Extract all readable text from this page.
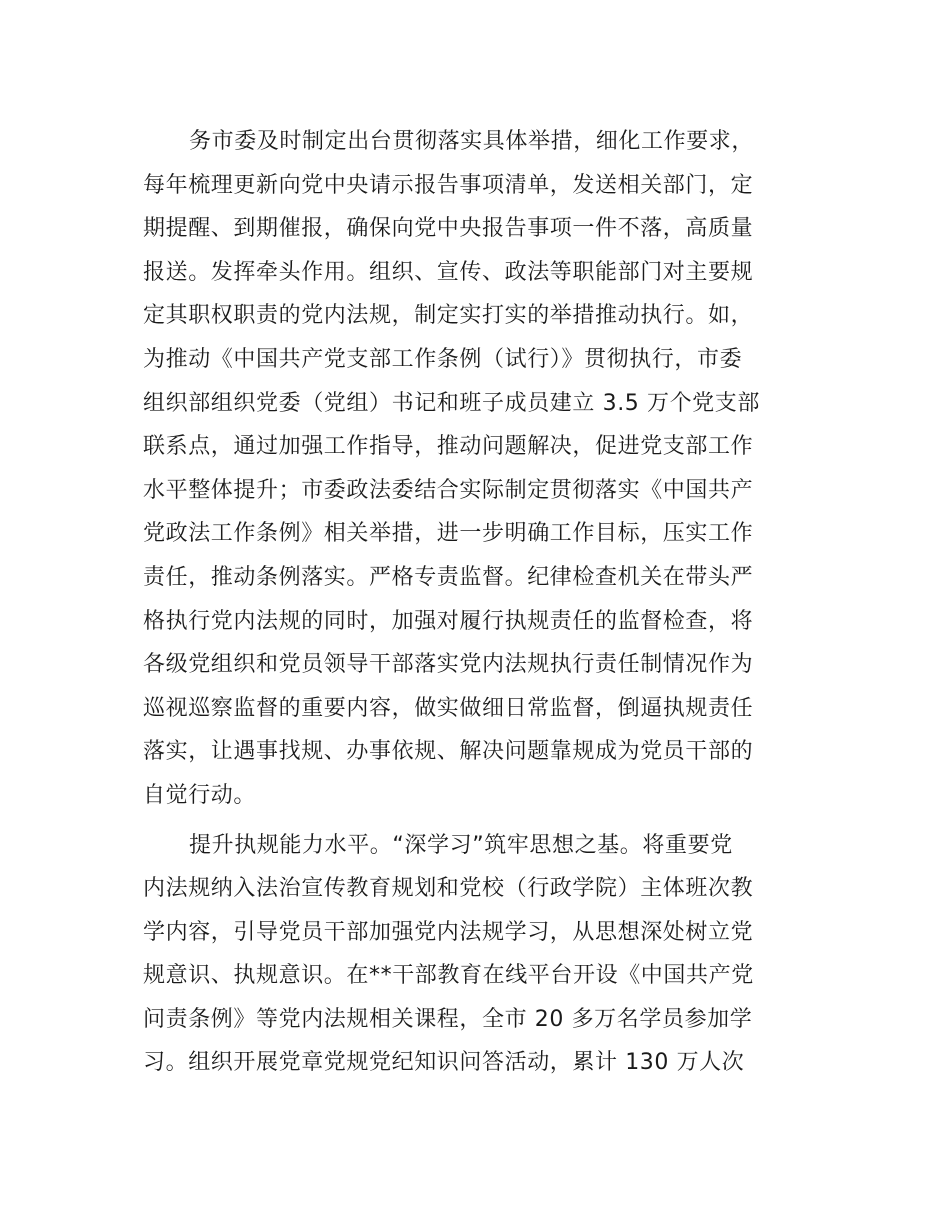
务市委及时制定出台贯彻落实具体举措，细化工作要求，
每年梳理更新向党中央请示报告事项清单，发送相关部门，定
期提醒、到期催报，确保向党中央报告事项一件不落，高质量
报送。发挥牵头作用。组织、宣传、政法等职能部门对主要规
定其职权职责的党内法规，制定实打实的举措推动执行。如，
为推动《中国共产党支部工作条例（试行）》贯彻执行，市委
组织部组织党委（党组）书记和班子成员建立 3.5 万个党支部
联系点，通过加强工作指导，推动问题解决，促进党支部工作
水平整体提升；市委政法委结合实际制定贯彻落实《中国共产
党政法工作条例》相关举措，进一步明确工作目标，压实工作
责任，推动条例落实。严格专责监督。纪律检查机关在带头严
格执行党内法规的同时，加强对履行执规责任的监督检查，将
各级党组织和党员领导干部落实党内法规执行责任制情况作为
巡视巡察监督的重要内容，做实做细日常监督，倒逼执规责任
落实，让遇事找规、办事依规、解决问题靠规成为党员干部的
自觉行动。
提升执规能力水平。“深学习”筑牢思想之基。将重要党
内法规纳入法治宣传教育规划和党校（行政学院）主体班次教
学内容，引导党员干部加强党内法规学习，从思想深处树立党
规意识、执规意识。在**干部教育在线平台开设《中国共产党
问责条例》等党内法规相关课程，全市 20 多万名学员参加学
习。组织开展党章党规党纪知识问答活动，累计 130 万人次
